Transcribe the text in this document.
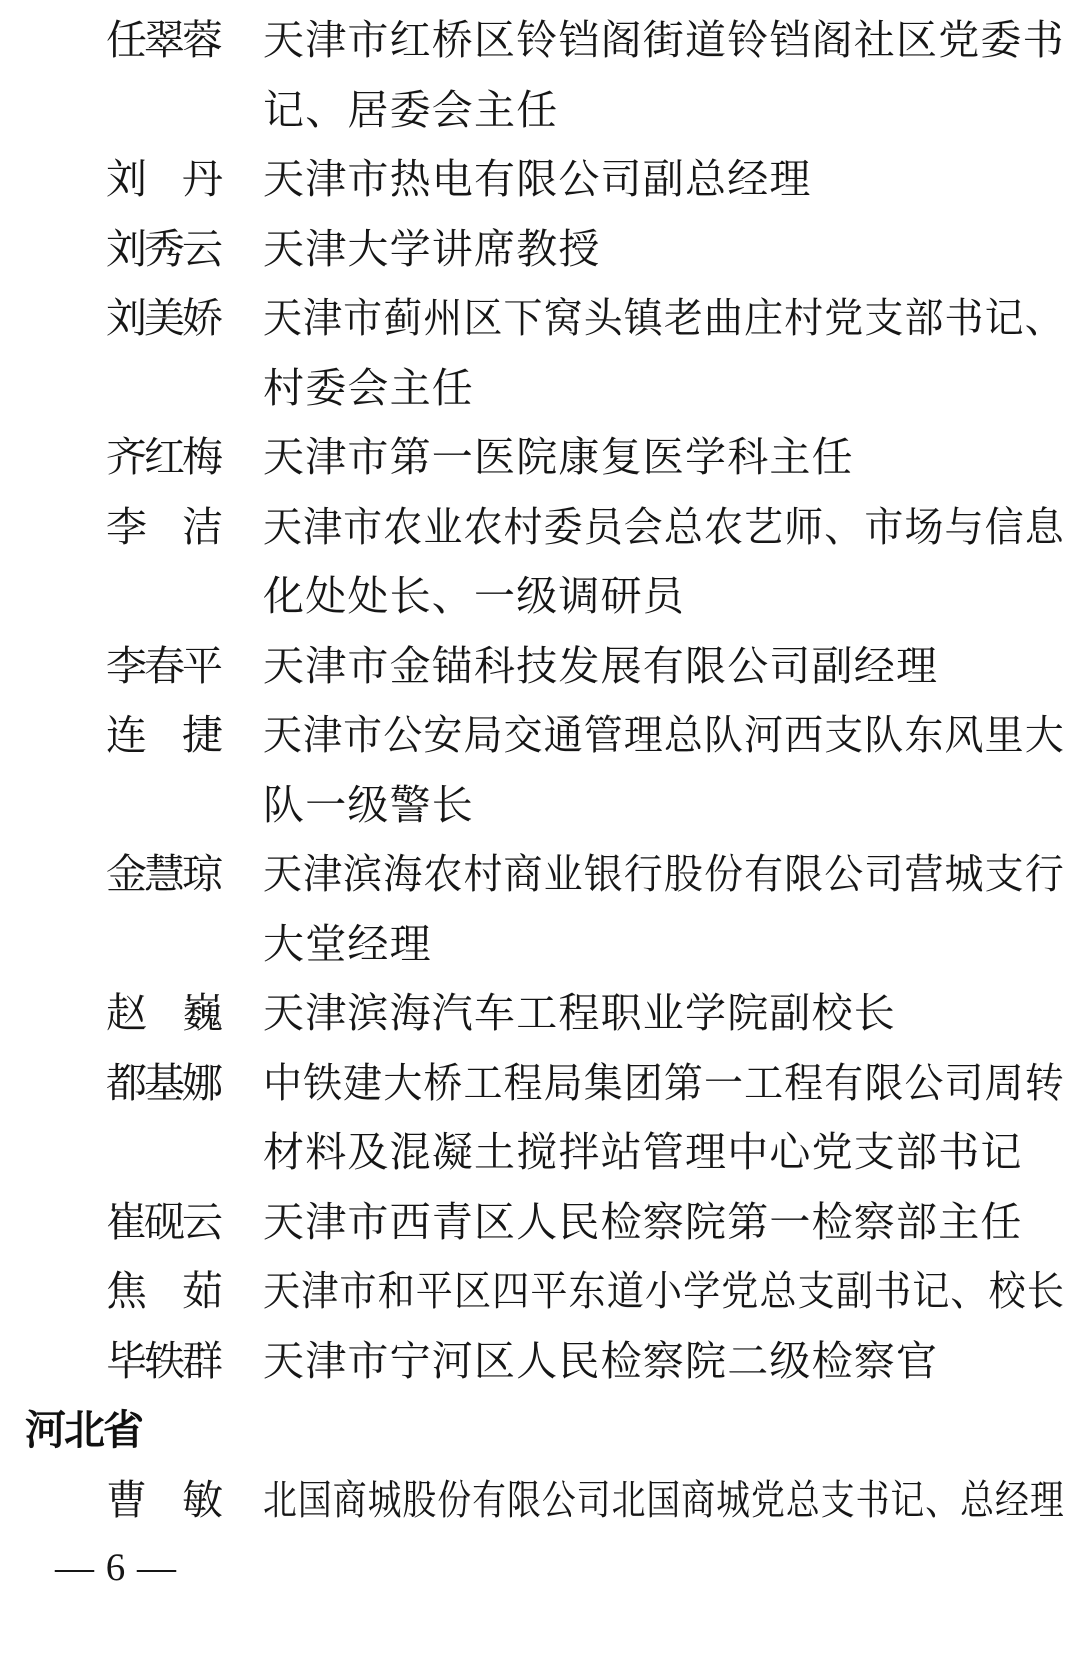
任翠蓉 天津市红桥区铃铛阁街道铃铛阁社区党委书
记、居委会主任
刘　丹 天津市热电有限公司副总经理
刘秀云 天津大学讲席教授
刘美娇 天津市蓟州区下窝头镇老曲庄村党支部书记、
村委会主任
齐红梅 天津市第一医院康复医学科主任
李　洁 天津市农业农村委员会总农艺师、市场与信息
化处处长、一级调研员
李春平 天津市金锚科技发展有限公司副经理
连　捷 天津市公安局交通管理总队河西支队东风里大
队一级警长
金慧琼 天津滨海农村商业银行股份有限公司营城支行
大堂经理
赵　巍 天津滨海汽车工程职业学院副校长
都基娜 中铁建大桥工程局集团第一工程有限公司周转
材料及混凝土搅拌站管理中心党支部书记
崔砚云 天津市西青区人民检察院第一检察部主任
焦　茹 天津市和平区四平东道小学党总支副书记、校长
毕轶群 天津市宁河区人民检察院二级检察官
河北省
曹　敏 北国商城股份有限公司北国商城党总支书记、总经理
— 6 —
